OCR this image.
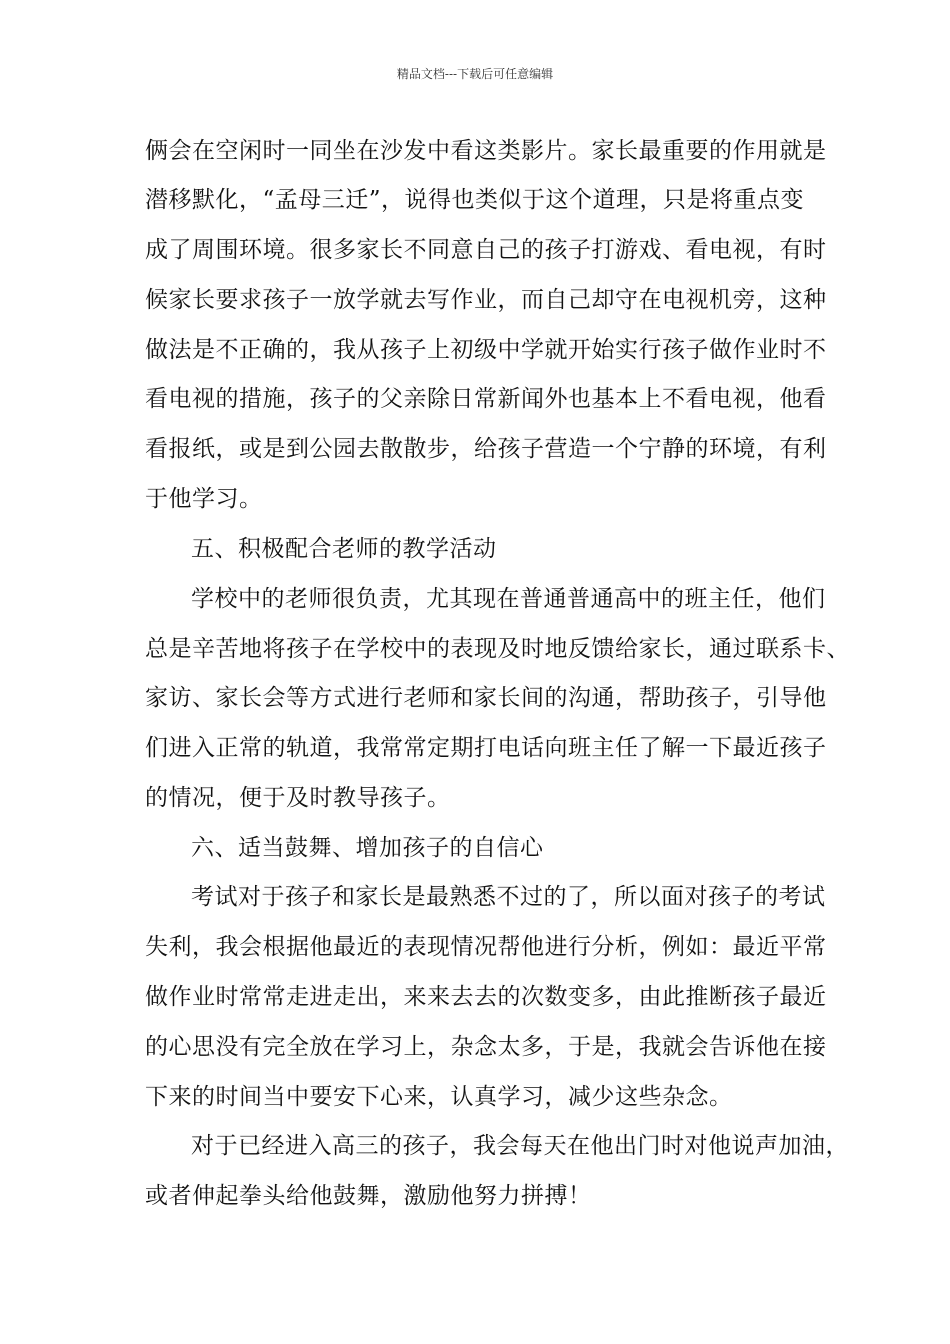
精品文档---下载后可任意编辑
俩会在空闲时一同坐在沙发中看这类影片。家长最重要的作用就是
潜移默化，“孟母三迁”，说得也类似于这个道理，只是将重点变
成了周围环境。很多家长不同意自己的孩子打游戏、看电视，有时
候家长要求孩子一放学就去写作业，而自己却守在电视机旁，这种
做法是不正确的，我从孩子上初级中学就开始实行孩子做作业时不
看电视的措施，孩子的父亲除日常新闻外也基本上不看电视，他看
看报纸，或是到公园去散散步，给孩子营造一个宁静的环境，有利
于他学习。
五、积极配合老师的教学活动
学校中的老师很负责，尤其现在普通普通高中的班主任，他们
总是辛苦地将孩子在学校中的表现及时地反馈给家长，通过联系卡、
家访、家长会等方式进行老师和家长间的沟通，帮助孩子，引导他
们进入正常的轨道，我常常定期打电话向班主任了解一下最近孩子
的情况，便于及时教导孩子。
六、适当鼓舞、增加孩子的自信心
考试对于孩子和家长是最熟悉不过的了，所以面对孩子的考试
失利，我会根据他最近的表现情况帮他进行分析，例如：最近平常
做作业时常常走进走出，来来去去的次数变多，由此推断孩子最近
的心思没有完全放在学习上，杂念太多，于是，我就会告诉他在接
下来的时间当中要安下心来，认真学习，减少这些杂念。
对于已经进入高三的孩子，我会每天在他出门时对他说声加油，
或者伸起拳头给他鼓舞，激励他努力拼搏！
